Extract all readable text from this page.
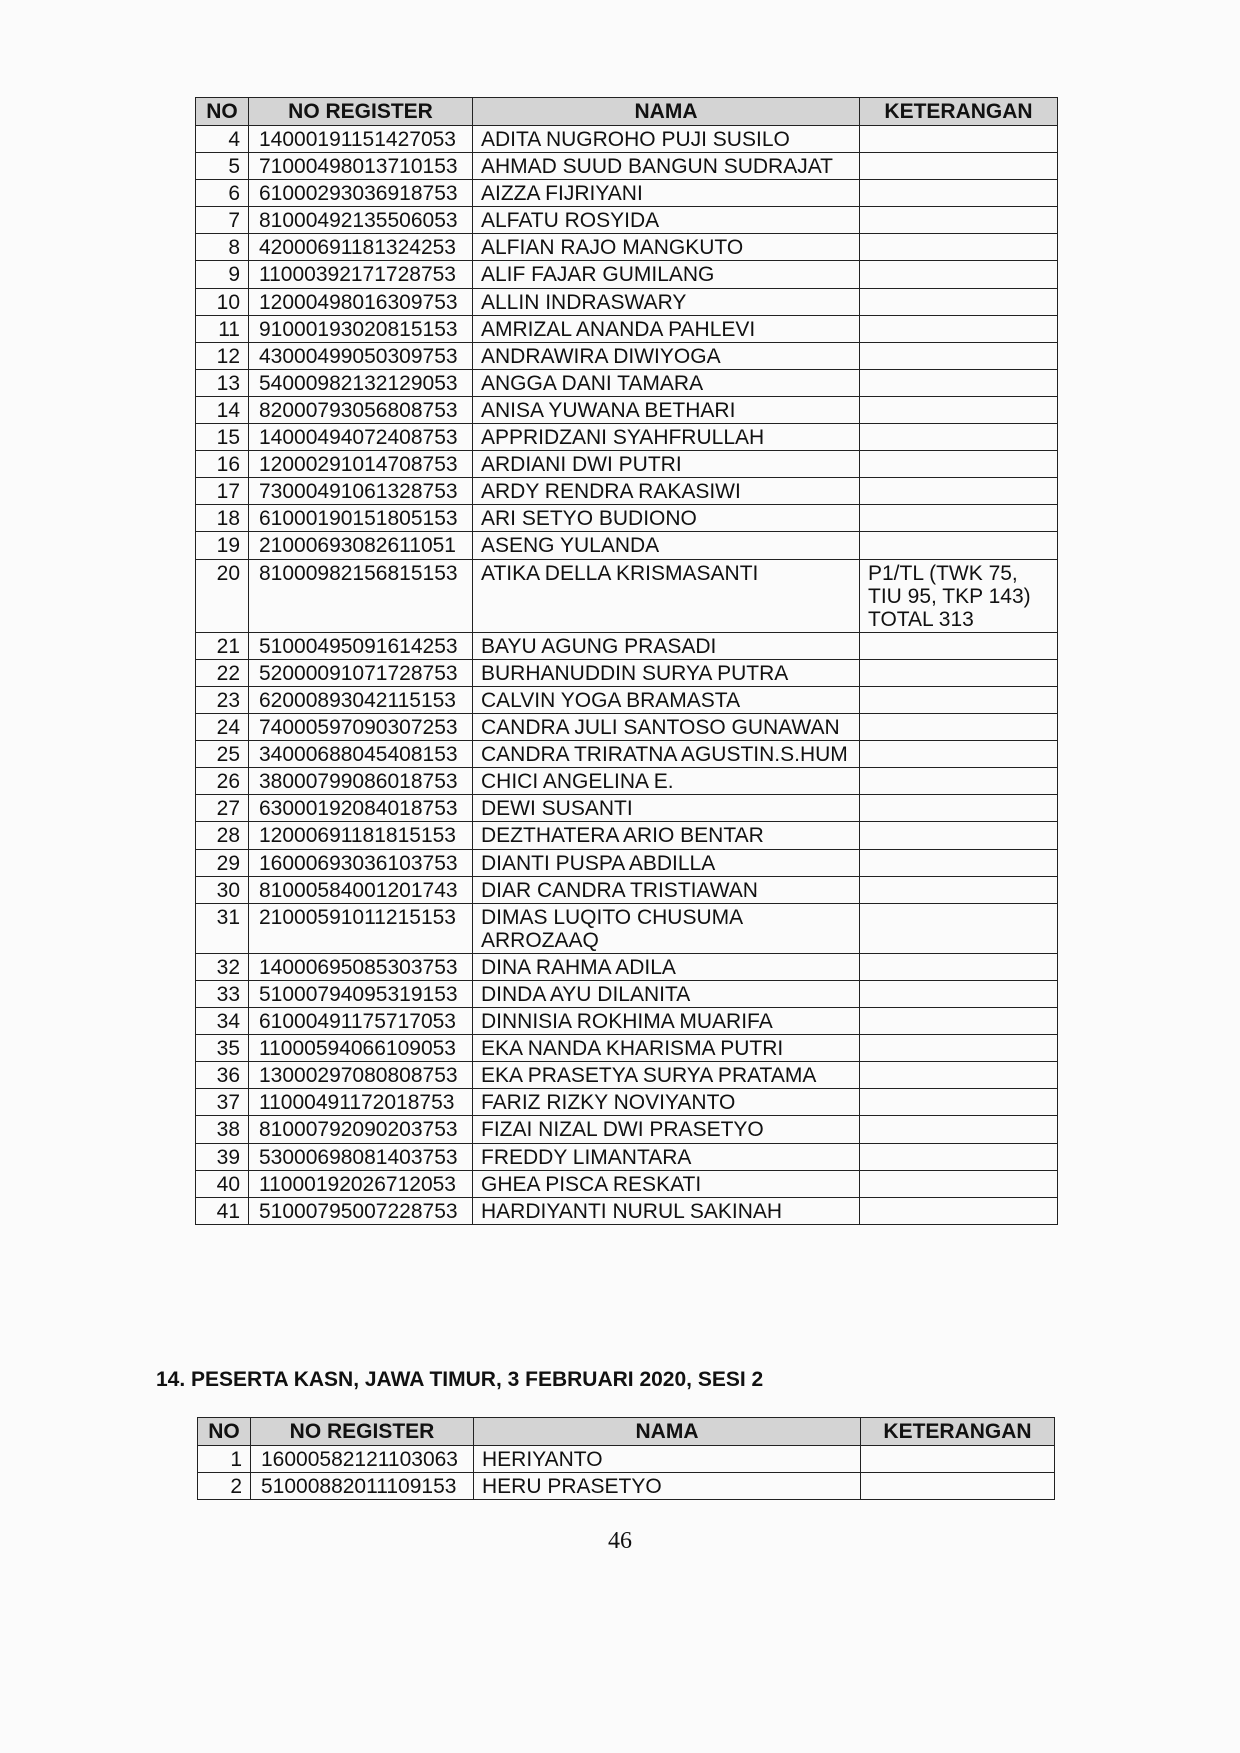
NO	NO REGISTER	NAMA	KETERANGAN
4	14000191151427053	ADITA NUGROHO PUJI SUSILO	
5	71000498013710153	AHMAD SUUD BANGUN SUDRAJAT	
6	61000293036918753	AIZZA FIJRIYANI	
7	81000492135506053	ALFATU ROSYIDA	
8	42000691181324253	ALFIAN RAJO MANGKUTO	
9	11000392171728753	ALIF FAJAR GUMILANG	
10	12000498016309753	ALLIN INDRASWARY	
11	91000193020815153	AMRIZAL ANANDA PAHLEVI	
12	43000499050309753	ANDRAWIRA DIWIYOGA	
13	54000982132129053	ANGGA DANI TAMARA	
14	82000793056808753	ANISA YUWANA BETHARI	
15	14000494072408753	APPRIDZANI SYAHFRULLAH	
16	12000291014708753	ARDIANI DWI PUTRI	
17	73000491061328753	ARDY RENDRA RAKASIWI	
18	61000190151805153	ARI SETYO BUDIONO	
19	21000693082611051	ASENG YULANDA	
20	81000982156815153	ATIKA DELLA KRISMASANTI	P1/TL (TWK 75, TIU 95, TKP 143) TOTAL 313
21	51000495091614253	BAYU AGUNG PRASADI	
22	52000091071728753	BURHANUDDIN SURYA PUTRA	
23	62000893042115153	CALVIN YOGA BRAMASTA	
24	74000597090307253	CANDRA JULI SANTOSO GUNAWAN	
25	34000688045408153	CANDRA TRIRATNA AGUSTIN.S.HUM	
26	38000799086018753	CHICI ANGELINA E.	
27	63000192084018753	DEWI SUSANTI	
28	12000691181815153	DEZTHATERA ARIO BENTAR	
29	16000693036103753	DIANTI PUSPA ABDILLA	
30	81000584001201743	DIAR CANDRA TRISTIAWAN	
31	21000591011215153	DIMAS LUQITO CHUSUMA ARROZAAQ	
32	14000695085303753	DINA RAHMA ADILA	
33	51000794095319153	DINDA AYU DILANITA	
34	61000491175717053	DINNISIA ROKHIMA MUARIFA	
35	11000594066109053	EKA NANDA KHARISMA PUTRI	
36	13000297080808753	EKA PRASETYA SURYA PRATAMA	
37	11000491172018753	FARIZ RIZKY NOVIYANTO	
38	81000792090203753	FIZAI NIZAL DWI PRASETYO	
39	53000698081403753	FREDDY LIMANTARA	
40	11000192026712053	GHEA PISCA RESKATI	
41	51000795007228753	HARDIYANTI NURUL SAKINAH	
14. PESERTA KASN, JAWA TIMUR, 3 FEBRUARI 2020, SESI 2
NO	NO REGISTER	NAMA	KETERANGAN
1	16000582121103063	HERIYANTO	
2	51000882011109153	HERU PRASETYO	
46
